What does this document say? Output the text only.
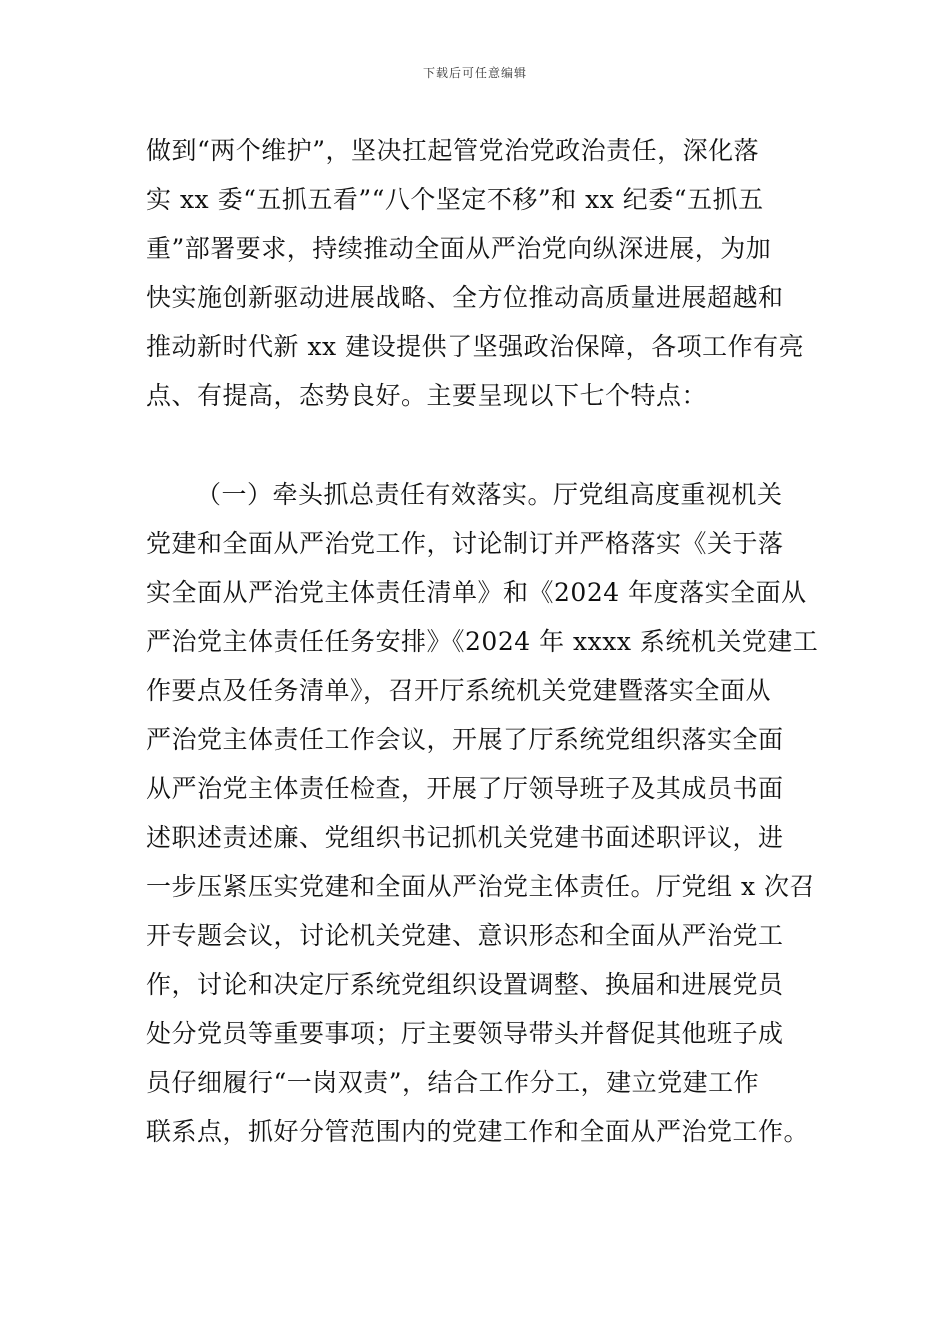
下载后可任意编辑
做到“两个维护”，坚决扛起管党治党政治责任，深化落
实 xx 委“五抓五看”“八个坚定不移”和 xx 纪委“五抓五
重”部署要求，持续推动全面从严治党向纵深进展，为加
快实施创新驱动进展战略、全方位推动高质量进展超越和
推动新时代新 xx 建设提供了坚强政治保障，各项工作有亮
点、有提高，态势良好。主要呈现以下七个特点：
（一）牵头抓总责任有效落实。厅党组高度重视机关
党建和全面从严治党工作，讨论制订并严格落实《关于落
实全面从严治党主体责任清单》和《2024 年度落实全面从
严治党主体责任任务安排》《2024 年 xxxx 系统机关党建工
作要点及任务清单》，召开厅系统机关党建暨落实全面从
严治党主体责任工作会议，开展了厅系统党组织落实全面
从严治党主体责任检查，开展了厅领导班子及其成员书面
述职述责述廉、党组织书记抓机关党建书面述职评议，进
一步压紧压实党建和全面从严治党主体责任。厅党组 x 次召
开专题会议，讨论机关党建、意识形态和全面从严治党工
作，讨论和决定厅系统党组织设置调整、换届和进展党员
处分党员等重要事项；厅主要领导带头并督促其他班子成
员仔细履行“一岗双责”，结合工作分工，建立党建工作
联系点，抓好分管范围内的党建工作和全面从严治党工作。
